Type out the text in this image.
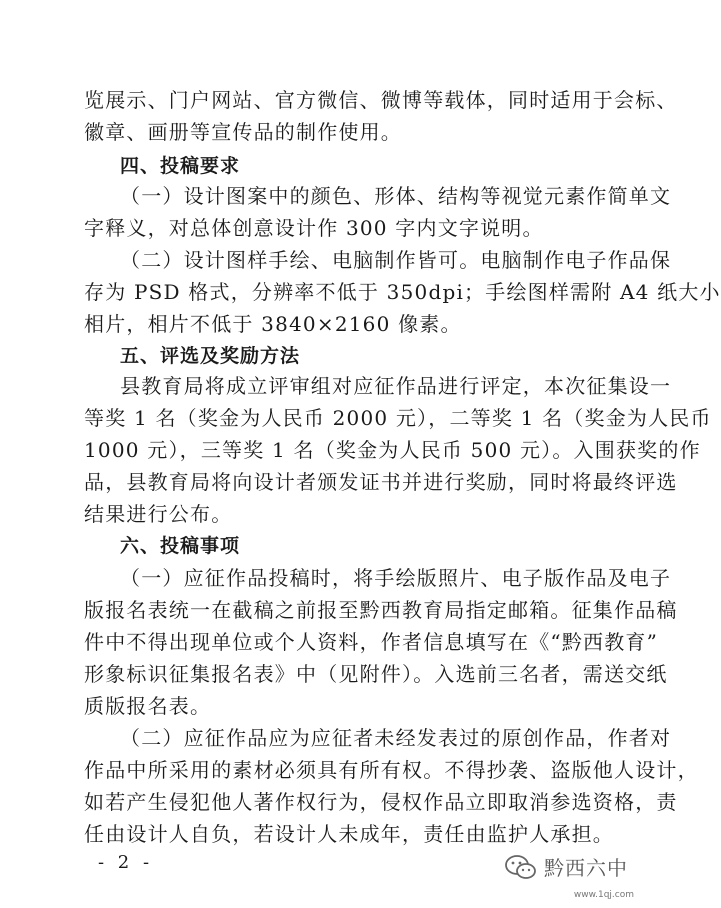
览展示、门户网站、官方微信、微博等载体，同时适用于会标、
徽章、画册等宣传品的制作使用。
四、投稿要求
（一）设计图案中的颜色、形体、结构等视觉元素作简单文
字释义，对总体创意设计作 300 字内文字说明。
（二）设计图样手绘、电脑制作皆可。电脑制作电子作品保
存为 PSD 格式，分辨率不低于 350dpi；手绘图样需附 A4 纸大小
相片，相片不低于 3840×2160 像素。
五、评选及奖励方法
县教育局将成立评审组对应征作品进行评定，本次征集设一
等奖 1 名（奖金为人民币 2000 元），二等奖 1 名（奖金为人民币
1000 元），三等奖 1 名（奖金为人民币 500 元）。入围获奖的作
品，县教育局将向设计者颁发证书并进行奖励，同时将最终评选
结果进行公布。
六、投稿事项
（一）应征作品投稿时，将手绘版照片、电子版作品及电子
版报名表统一在截稿之前报至黔西教育局指定邮箱。征集作品稿
件中不得出现单位或个人资料，作者信息填写在《“黔西教育”
形象标识征集报名表》中（见附件）。入选前三名者，需送交纸
质版报名表。
（二）应征作品应为应征者未经发表过的原创作品，作者对
作品中所采用的素材必须具有所有权。不得抄袭、盗版他人设计，
如若产生侵犯他人著作权行为，侵权作品立即取消参选资格，责
任由设计人自负，若设计人未成年，责任由监护人承担。
- 2 -	黔西六中
www.1qj.com
